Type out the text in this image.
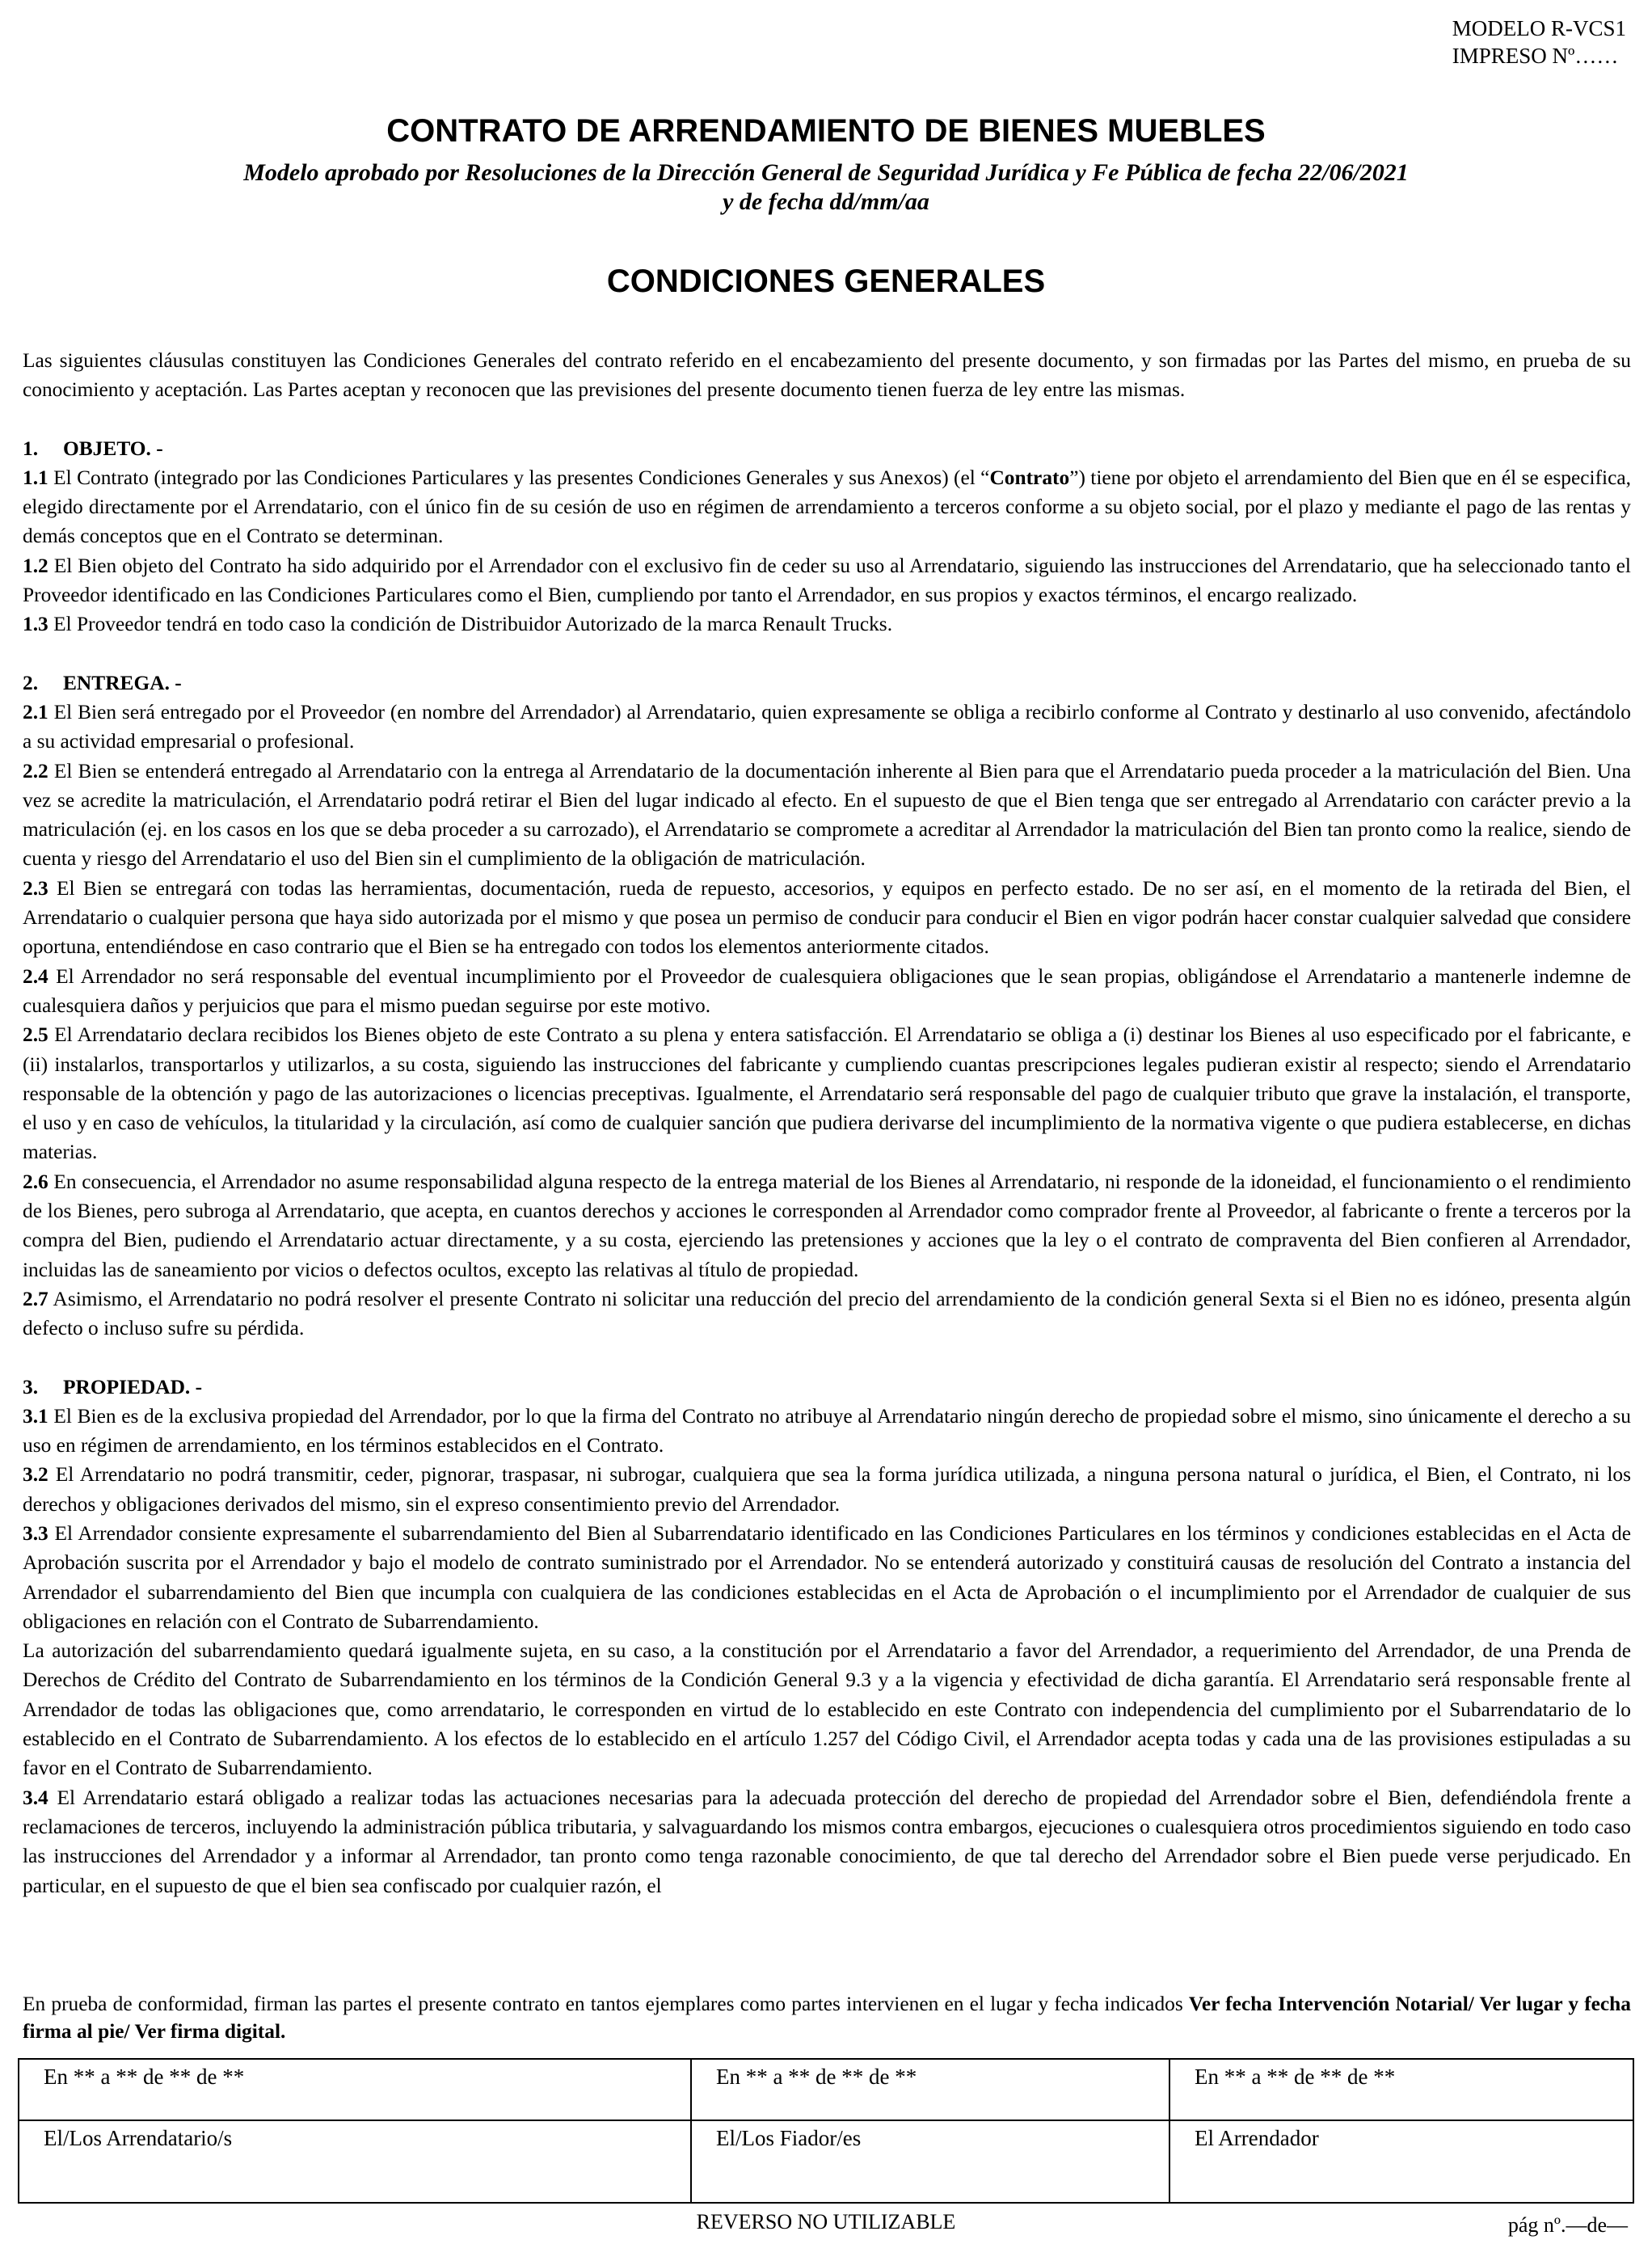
MODELO R-VCS1
IMPRESO Nº……
CONTRATO DE ARRENDAMIENTO DE BIENES MUEBLES
Modelo aprobado por Resoluciones de la Dirección General de Seguridad Jurídica y Fe Pública de fecha 22/06/2021
y de fecha dd/mm/aa
CONDICIONES GENERALES

Las siguientes cláusulas constituyen las Condiciones Generales del contrato referido en el encabezamiento del presente documento, y son firmadas por las Partes del mismo, en prueba de su conocimiento y aceptación. Las Partes aceptan y reconocen que las previsiones del presente documento tienen fuerza de ley entre las mismas.

1. OBJETO. -

1.1 El Contrato (integrado por las Condiciones Particulares y las presentes Condiciones Generales y sus Anexos) (el “Contrato”) tiene por objeto el arrendamiento del Bien que en él se especifica, elegido directamente por el Arrendatario, con el único fin de su cesión de uso en régimen de arrendamiento a terceros conforme a su objeto social, por el plazo y mediante el pago de las rentas y demás conceptos que en el Contrato se determinan.

1.2 El Bien objeto del Contrato ha sido adquirido por el Arrendador con el exclusivo fin de ceder su uso al Arrendatario, siguiendo las instrucciones del Arrendatario, que ha seleccionado tanto el Proveedor identificado en las Condiciones Particulares como el Bien, cumpliendo por tanto el Arrendador, en sus propios y exactos términos, el encargo realizado.

1.3 El Proveedor tendrá en todo caso la condición de Distribuidor Autorizado de la marca Renault Trucks.

2. ENTREGA. -

2.1 El Bien será entregado por el Proveedor (en nombre del Arrendador) al Arrendatario, quien expresamente se obliga a recibirlo conforme al Contrato y destinarlo al uso convenido, afectándolo a su actividad empresarial o profesional.

2.2 El Bien se entenderá entregado al Arrendatario con la entrega al Arrendatario de la documentación inherente al Bien para que el Arrendatario pueda proceder a la matriculación del Bien. Una vez se acredite la matriculación, el Arrendatario podrá retirar el Bien del lugar indicado al efecto. En el supuesto de que el Bien tenga que ser entregado al Arrendatario con carácter previo a la matriculación (ej. en los casos en los que se deba proceder a su carrozado), el Arrendatario se compromete a acreditar al Arrendador la matriculación del Bien tan pronto como la realice, siendo de cuenta y riesgo del Arrendatario el uso del Bien sin el cumplimiento de la obligación de matriculación.

2.3 El Bien se entregará con todas las herramientas, documentación, rueda de repuesto, accesorios, y equipos en perfecto estado. De no ser así, en el momento de la retirada del Bien, el Arrendatario o cualquier persona que haya sido autorizada por el mismo y que posea un permiso de conducir para conducir el Bien en vigor podrán hacer constar cualquier salvedad que considere oportuna, entendiéndose en caso contrario que el Bien se ha entregado con todos los elementos anteriormente citados.

2.4 El Arrendador no será responsable del eventual incumplimiento por el Proveedor de cualesquiera obligaciones que le sean propias, obligándose el Arrendatario a mantenerle indemne de cualesquiera daños y perjuicios que para el mismo puedan seguirse por este motivo.

2.5 El Arrendatario declara recibidos los Bienes objeto de este Contrato a su plena y entera satisfacción. El Arrendatario se obliga a (i) destinar los Bienes al uso especificado por el fabricante, e (ii) instalarlos, transportarlos y utilizarlos, a su costa, siguiendo las instrucciones del fabricante y cumpliendo cuantas prescripciones legales pudieran existir al respecto; siendo el Arrendatario responsable de la obtención y pago de las autorizaciones o licencias preceptivas. Igualmente, el Arrendatario será responsable del pago de cualquier tributo que grave la instalación, el transporte, el uso y en caso de vehículos, la titularidad y la circulación, así como de cualquier sanción que pudiera derivarse del incumplimiento de la normativa vigente o que pudiera establecerse, en dichas materias.

2.6 En consecuencia, el Arrendador no asume responsabilidad alguna respecto de la entrega material de los Bienes al Arrendatario, ni responde de la idoneidad, el funcionamiento o el rendimiento de los Bienes, pero subroga al Arrendatario, que acepta, en cuantos derechos y acciones le corresponden al Arrendador como comprador frente al Proveedor, al fabricante o frente a terceros por la compra del Bien, pudiendo el Arrendatario actuar directamente, y a su costa, ejerciendo las pretensiones y acciones que la ley o el contrato de compraventa del Bien confieren al Arrendador, incluidas las de saneamiento por vicios o defectos ocultos, excepto las relativas al título de propiedad.

2.7 Asimismo, el Arrendatario no podrá resolver el presente Contrato ni solicitar una reducción del precio del arrendamiento de la condición general Sexta si el Bien no es idóneo, presenta algún defecto o incluso sufre su pérdida.

3. PROPIEDAD. -

3.1 El Bien es de la exclusiva propiedad del Arrendador, por lo que la firma del Contrato no atribuye al Arrendatario ningún derecho de propiedad sobre el mismo, sino únicamente el derecho a su uso en régimen de arrendamiento, en los términos establecidos en el Contrato.

3.2 El Arrendatario no podrá transmitir, ceder, pignorar, traspasar, ni subrogar, cualquiera que sea la forma jurídica utilizada, a ninguna persona natural o jurídica, el Bien, el Contrato, ni los derechos y obligaciones derivados del mismo, sin el expreso consentimiento previo del Arrendador.

3.3 El Arrendador consiente expresamente el subarrendamiento del Bien al Subarrendatario identificado en las Condiciones Particulares en los términos y condiciones establecidas en el Acta de Aprobación suscrita por el Arrendador y bajo el modelo de contrato suministrado por el Arrendador. No se entenderá autorizado y constituirá causas de resolución del Contrato a instancia del Arrendador el subarrendamiento del Bien que incumpla con cualquiera de las condiciones establecidas en el Acta de Aprobación o el incumplimiento por el Arrendador de cualquier de sus obligaciones en relación con el Contrato de Subarrendamiento.

La autorización del subarrendamiento quedará igualmente sujeta, en su caso, a la constitución por el Arrendatario a favor del Arrendador, a requerimiento del Arrendador, de una Prenda de Derechos de Crédito del Contrato de Subarrendamiento en los términos de la Condición General 9.3 y a la vigencia y efectividad de dicha garantía. El Arrendatario será responsable frente al Arrendador de todas las obligaciones que, como arrendatario, le corresponden en virtud de lo establecido en este Contrato con independencia del cumplimiento por el Subarrendatario de lo establecido en el Contrato de Subarrendamiento. A los efectos de lo establecido en el artículo 1.257 del Código Civil, el Arrendador acepta todas y cada una de las provisiones estipuladas a su favor en el Contrato de Subarrendamiento.

3.4 El Arrendatario estará obligado a realizar todas las actuaciones necesarias para la adecuada protección del derecho de propiedad del Arrendador sobre el Bien, defendiéndola frente a reclamaciones de terceros, incluyendo la administración pública tributaria, y salvaguardando los mismos contra embargos, ejecuciones o cualesquiera otros procedimientos siguiendo en todo caso las instrucciones del Arrendador y a informar al Arrendador, tan pronto como tenga razonable conocimiento, de que tal derecho del Arrendador sobre el Bien puede verse perjudicado. En particular, en el supuesto de que el bien sea confiscado por cualquier razón, el

En prueba de conformidad, firman las partes el presente contrato en tantos ejemplares como partes intervienen en el lugar y fecha indicados Ver fecha Intervención Notarial/ Ver lugar y fecha firma al pie/ Ver firma digital.
En ** a ** de ** de **	En ** a ** de ** de **	En ** a ** de ** de **
El/Los Arrendatario/s	El/Los Fiador/es	El Arrendador
REVERSO NO UTILIZABLE	pág nº.—de—
